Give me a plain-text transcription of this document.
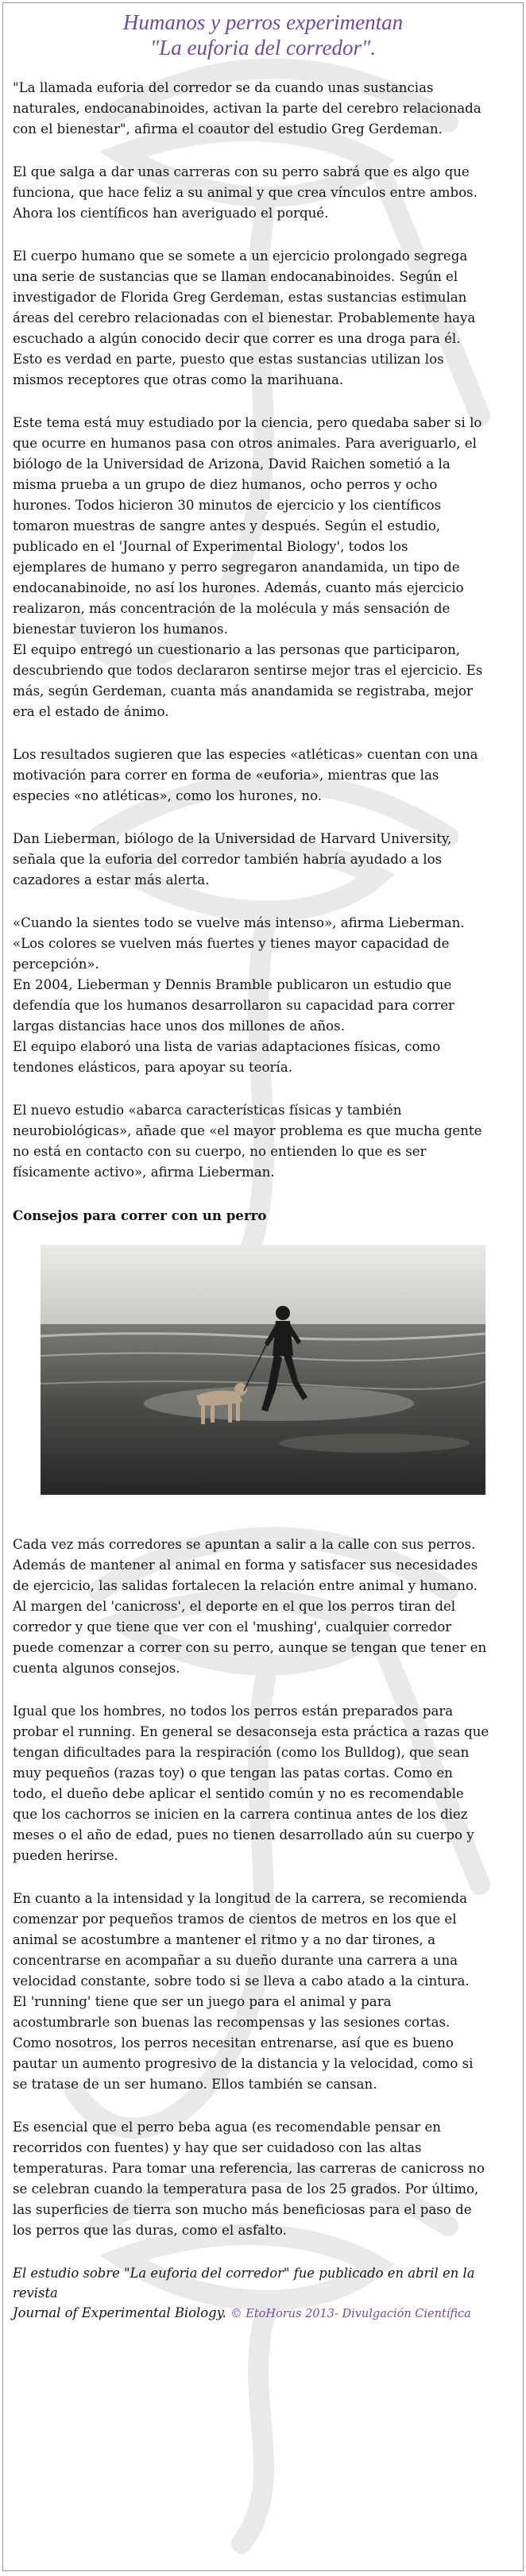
Humanos y perros experimentan
"La euforia del corredor".

"La llamada euforia del corredor se da cuando unas sustancias
naturales, endocanabinoides, activan la parte del cerebro relacionada
con el bienestar", afirma el coautor del estudio Greg Gerdeman.

El que salga a dar unas carreras con su perro sabrá que es algo que
funciona, que hace feliz a su animal y que crea vínculos entre ambos.
Ahora los científicos han averiguado el porqué.

El cuerpo humano que se somete a un ejercicio prolongado segrega
una serie de sustancias que se llaman endocanabinoides. Según el
investigador de Florida Greg Gerdeman, estas sustancias estimulan
áreas del cerebro relacionadas con el bienestar. Probablemente haya
escuchado a algún conocido decir que correr es una droga para él.
Esto es verdad en parte, puesto que estas sustancias utilizan los
mismos receptores que otras como la marihuana.

Este tema está muy estudiado por la ciencia, pero quedaba saber si lo
que ocurre en humanos pasa con otros animales. Para averiguarlo, el
biólogo de la Universidad de Arizona, David Raichen sometió a la
misma prueba a un grupo de diez humanos, ocho perros y ocho
hurones. Todos hicieron 30 minutos de ejercicio y los científicos
tomaron muestras de sangre antes y después. Según el estudio,
publicado en el 'Journal of Experimental Biology', todos los
ejemplares de humano y perro segregaron anandamida, un tipo de
endocanabinoide, no así los hurones. Además, cuanto más ejercicio
realizaron, más concentración de la molécula y más sensación de
bienestar tuvieron los humanos.
El equipo entregó un cuestionario a las personas que participaron,
descubriendo que todos declararon sentirse mejor tras el ejercicio. Es
más, según Gerdeman, cuanta más anandamida se registraba, mejor
era el estado de ánimo.

Los resultados sugieren que las especies «atléticas» cuentan con una
motivación para correr en forma de «euforia», mientras que las
especies «no atléticas», como los hurones, no.

Dan Lieberman, biólogo de la Universidad de Harvard University,
señala que la euforia del corredor también habría ayudado a los
cazadores a estar más alerta.

«Cuando la sientes todo se vuelve más intenso», afirma Lieberman.
«Los colores se vuelven más fuertes y tienes mayor capacidad de
percepción».
En 2004, Lieberman y Dennis Bramble publicaron un estudio que
defendía que los humanos desarrollaron su capacidad para correr
largas distancias hace unos dos millones de años.
El equipo elaboró una lista de varias adaptaciones físicas, como
tendones elásticos, para apoyar su teoría.

El nuevo estudio «abarca características físicas y también
neurobiológicas», añade que «el mayor problema es que mucha gente
no está en contacto con su cuerpo, no entienden lo que es ser
físicamente activo», afirma Lieberman.

Consejos para correr con un perro

Cada vez más corredores se apuntan a salir a la calle con sus perros.
Además de mantener al animal en forma y satisfacer sus necesidades
de ejercicio, las salidas fortalecen la relación entre animal y humano.
Al margen del 'canicross', el deporte en el que los perros tiran del
corredor y que tiene que ver con el 'mushing', cualquier corredor
puede comenzar a correr con su perro, aunque se tengan que tener en
cuenta algunos consejos.

Igual que los hombres, no todos los perros están preparados para
probar el running. En general se desaconseja esta práctica a razas que
tengan dificultades para la respiración (como los Bulldog), que sean
muy pequeños (razas toy) o que tengan las patas cortas. Como en
todo, el dueño debe aplicar el sentido común y no es recomendable
que los cachorros se inicien en la carrera continua antes de los diez
meses o el año de edad, pues no tienen desarrollado aún su cuerpo y
pueden herirse.

En cuanto a la intensidad y la longitud de la carrera, se recomienda
comenzar por pequeños tramos de cientos de metros en los que el
animal se acostumbre a mantener el ritmo y a no dar tirones, a
concentrarse en acompañar a su dueño durante una carrera a una
velocidad constante, sobre todo si se lleva a cabo atado a la cintura.
El 'running' tiene que ser un juego para el animal y para
acostumbrarle son buenas las recompensas y las sesiones cortas.
Como nosotros, los perros necesitan entrenarse, así que es bueno
pautar un aumento progresivo de la distancia y la velocidad, como si
se tratase de un ser humano. Ellos también se cansan.

Es esencial que el perro beba agua (es recomendable pensar en
recorridos con fuentes) y hay que ser cuidadoso con las altas
temperaturas. Para tomar una referencia, las carreras de canicross no
se celebran cuando la temperatura pasa de los 25 grados. Por último,
las superficies de tierra son mucho más beneficiosas para el paso de
los perros que las duras, como el asfalto.

El estudio sobre "La euforia del corredor" fue publicado en abril en la revista
Journal of Experimental Biology. © EtoHorus 2013- Divulgación Científica
